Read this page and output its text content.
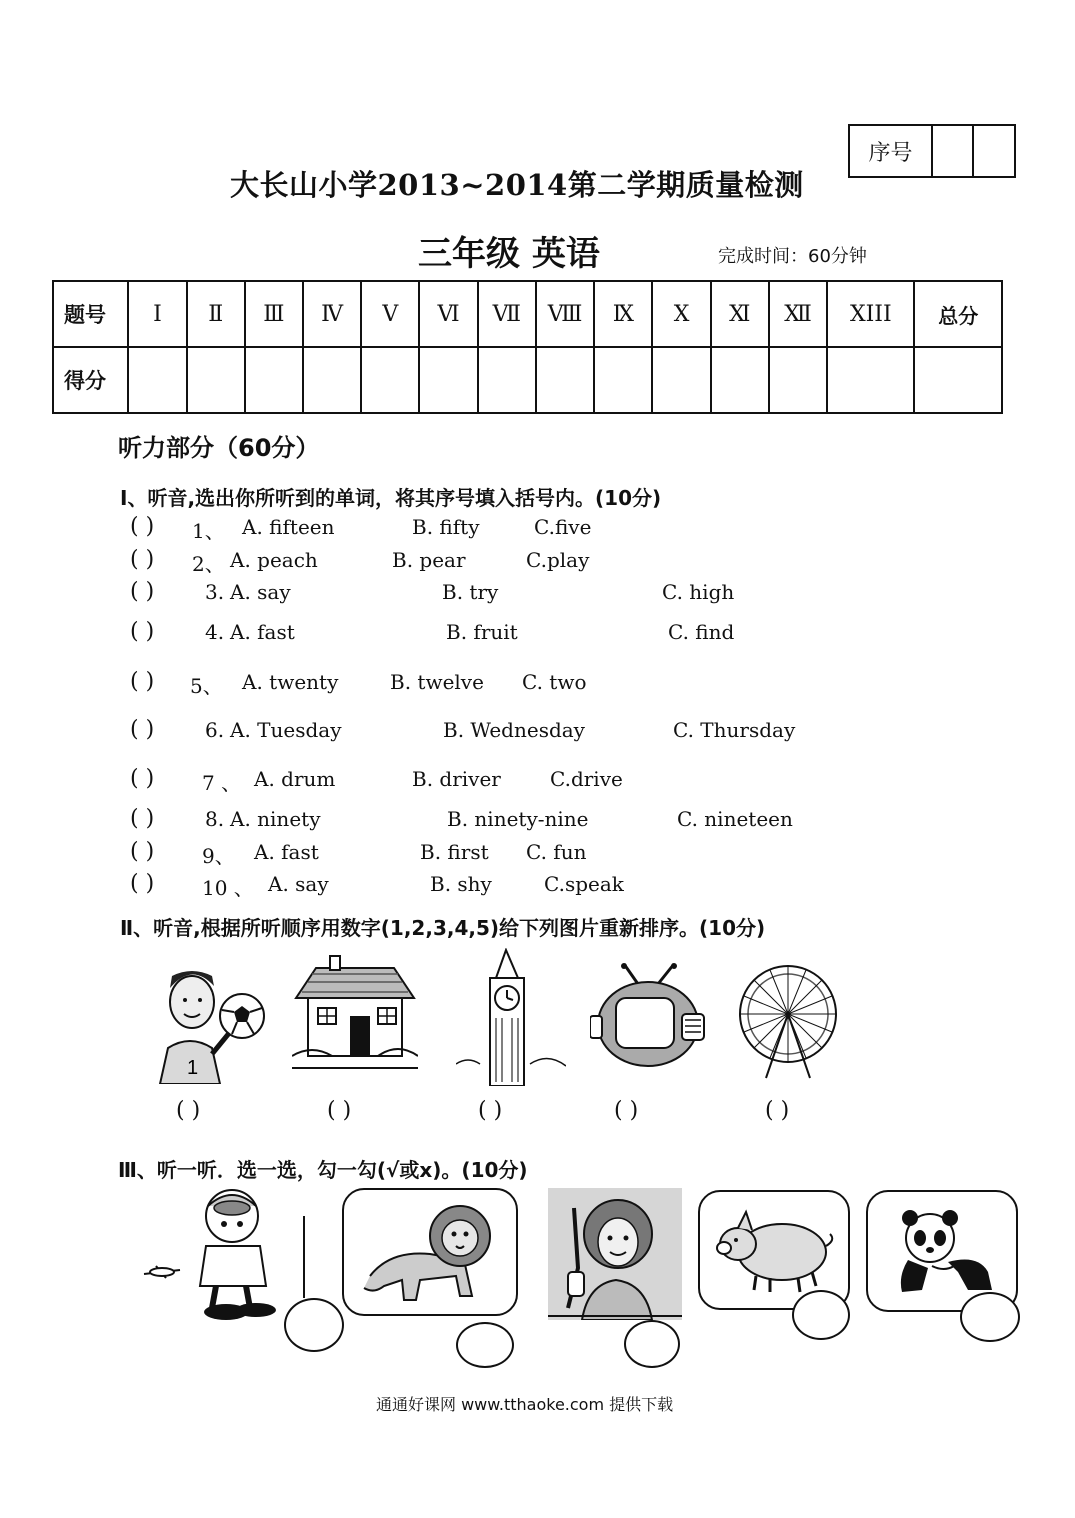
序号
大长山小学2013~2014第二学期质量检测
三年级 英语	完成时间：60分钟
题号	Ⅰ	Ⅱ	Ⅲ	Ⅳ	Ⅴ	Ⅵ	Ⅶ	Ⅷ	Ⅸ	Ⅹ	Ⅺ	Ⅻ	XIII	总分
得分														
听力部分（60分）
Ⅰ、听音,选出你所听到的单词，将其序号填入括号内。(10分)
( ) 1、 A. fifteen	B. fifty	C.five
( ) 2、 A. peach	B. pear	C.play
( )	3. A. say	B. try	C. high
( )	4. A. fast	B. fruit	C. find
( ) 5、 A. twenty	B. twelve C. two
( )	6. A. Tuesday	B. Wednesday	C. Thursday
( ) 7 、 A. drum	B. driver C.drive
( )	8. A. ninety	B. ninety-nine	C. nineteen
( ) 9、 A. fast	B. first C. fun
( ) 10 、 A. say	B. shy	C.speak
Ⅱ、听音,根据所听顺序用数字(1,2,3,4,5)给下列图片重新排序。(10分)
1
( )	( )	( )	( )	( )
Ⅲ、听一听．选一选，勾一勾(√或x)。(10分)
通通好课网 www.tthaoke.com 提供下载
